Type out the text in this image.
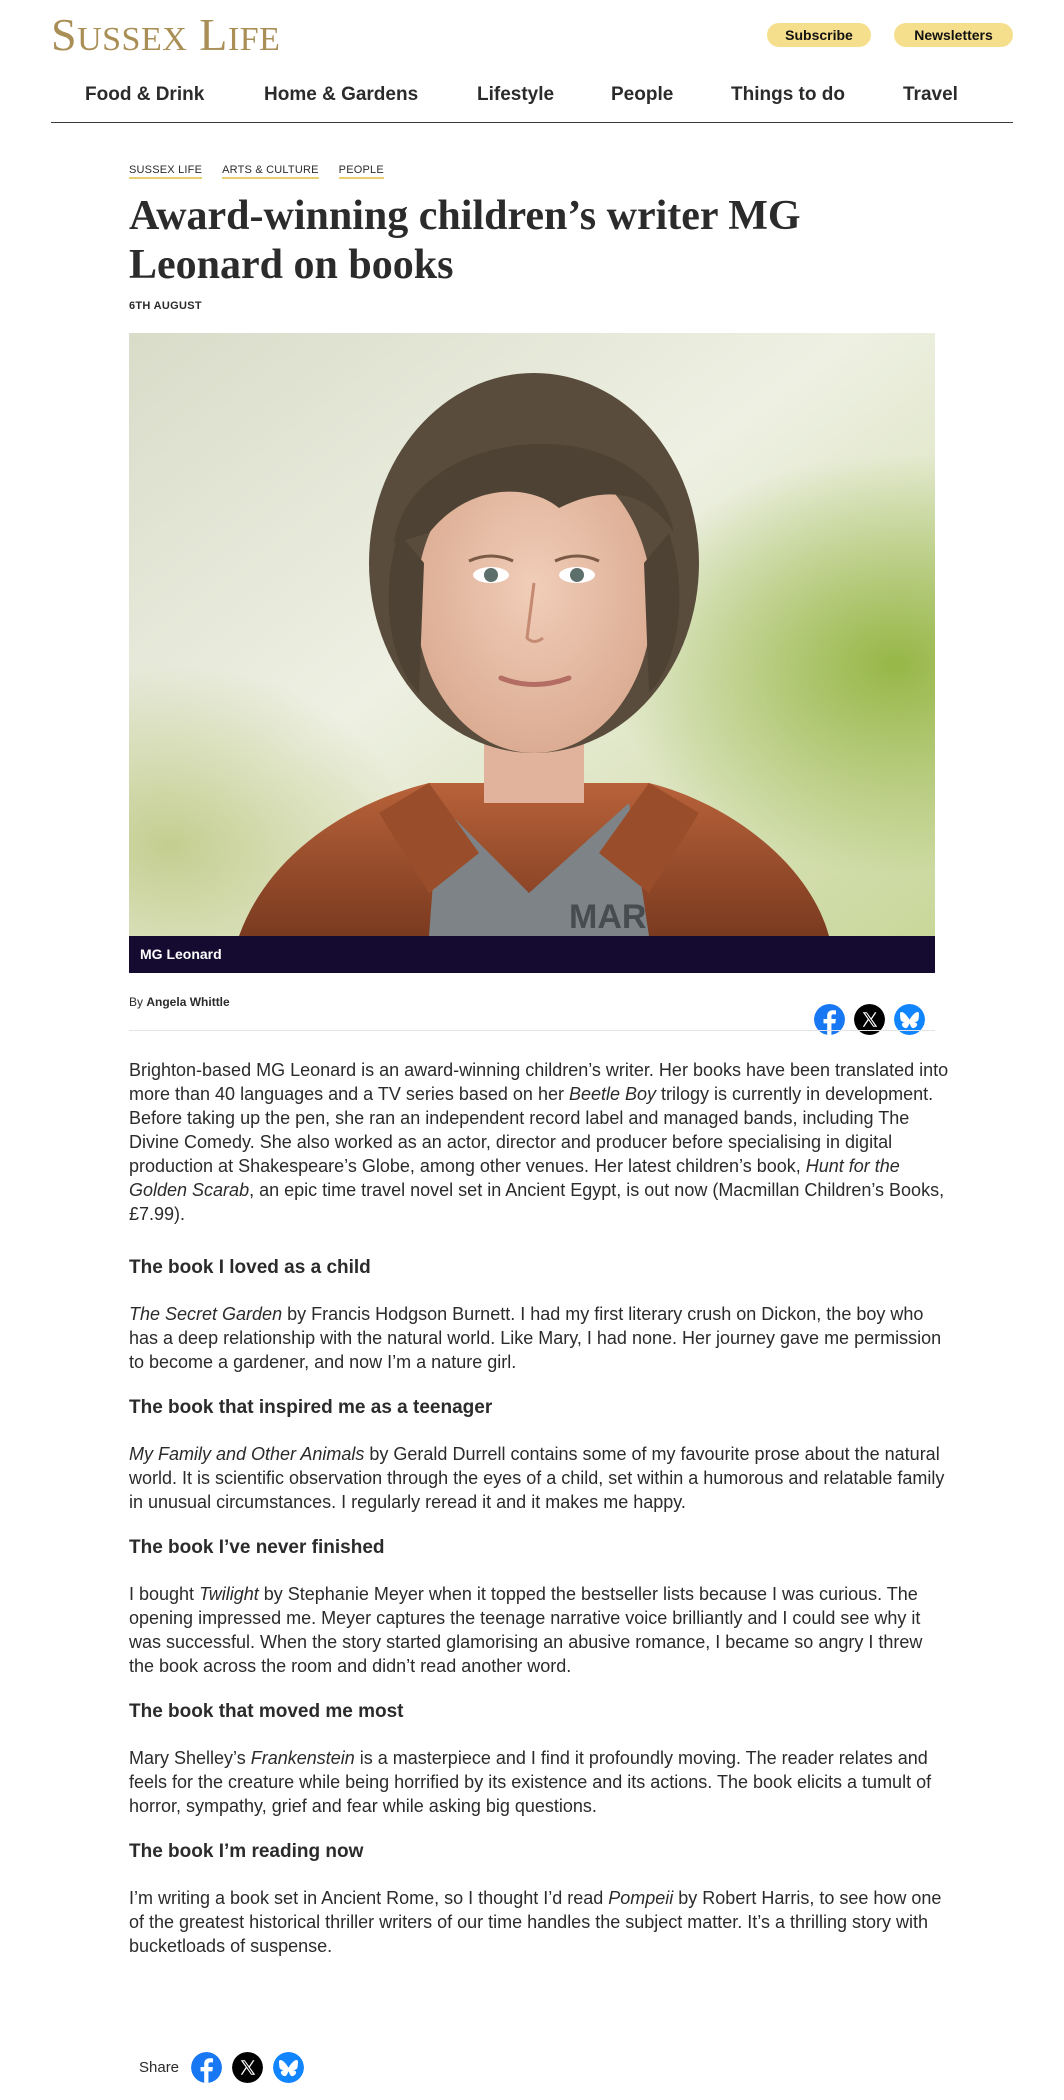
SUSSEX LIFE	Subscribe	Newsletters
Food & Drink	Home & Gardens	Lifestyle	People	Things to do	Travel
SUSSEX LIFE ARTS & CULTURE PEOPLE
Award-winning children’s writer MG Leonard on books
6TH AUGUST
MAR
MG Leonard
By Angela Whittle

Brighton-based MG Leonard is an award-winning children’s writer. Her books have been translated into more than 40 languages and a TV series based on her Beetle Boy trilogy is currently in development. Before taking up the pen, she ran an independent record label and managed bands, including The Divine Comedy. She also worked as an actor, director and producer before specialising in digital production at Shakespeare’s Globe, among other venues. Her latest children’s book, Hunt for the Golden Scarab, an epic time travel novel set in Ancient Egypt, is out now (Macmillan Children’s Books, £7.99).

The book I loved as a child

The Secret Garden by Francis Hodgson Burnett. I had my first literary crush on Dickon, the boy who has a deep relationship with the natural world. Like Mary, I had none. Her journey gave me permission to become a gardener, and now I’m a nature girl.

The book that inspired me as a teenager

My Family and Other Animals by Gerald Durrell contains some of my favourite prose about the natural world. It is scientific observation through the eyes of a child, set within a humorous and relatable family in unusual circumstances. I regularly reread it and it makes me happy.

The book I’ve never finished

I bought Twilight by Stephanie Meyer when it topped the bestseller lists because I was curious. The opening impressed me. Meyer captures the teenage narrative voice brilliantly and I could see why it was successful. When the story started glamorising an abusive romance, I became so angry I threw the book across the room and didn’t read another word.

The book that moved me most

Mary Shelley’s Frankenstein is a masterpiece and I find it profoundly moving. The reader relates and feels for the creature while being horrified by its existence and its actions. The book elicits a tumult of horror, sympathy, grief and fear while asking big questions.

The book I’m reading now

I’m writing a book set in Ancient Rome, so I thought I’d read Pompeii by Robert Harris, to see how one of the greatest historical thriller writers of our time handles the subject matter. It’s a thrilling story with bucketloads of suspense.

Share
